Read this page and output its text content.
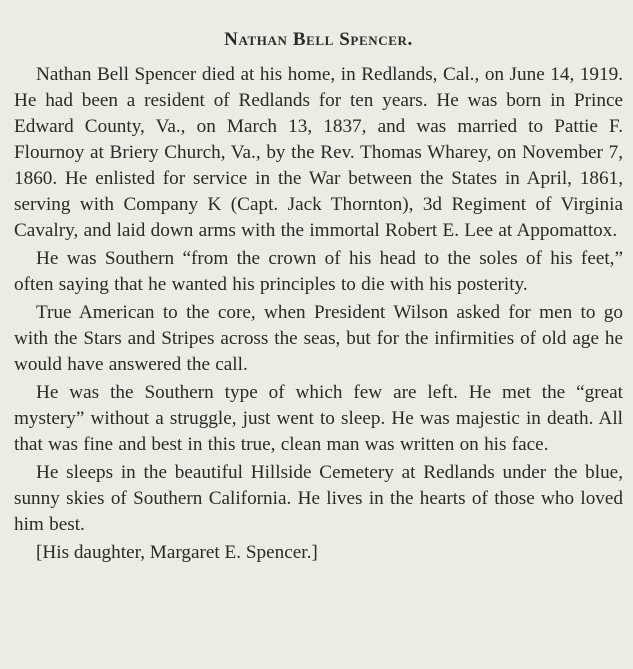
Nathan Bell Spencer.

Nathan Bell Spencer died at his home, in Redlands, Cal., on June 14, 1919. He had been a resident of Redlands for ten years. He was born in Prince Edward County, Va., on March 13, 1837, and was married to Pattie F. Flournoy at Briery Church, Va., by the Rev. Thomas Wharey, on November 7, 1860. He enlisted for service in the War between the States in April, 1861, serving with Company K (Capt. Jack Thornton), 3d Regiment of Virginia Cavalry, and laid down arms with the immortal Robert E. Lee at Appomattox.

He was Southern “from the crown of his head to the soles of his feet,” often saying that he wanted his principles to die with his posterity.

True American to the core, when President Wilson asked for men to go with the Stars and Stripes across the seas, but for the infirmities of old age he would have answered the call.

He was the Southern type of which few are left. He met the “great mystery” without a struggle, just went to sleep. He was majestic in death. All that was fine and best in this true, clean man was written on his face.

He sleeps in the beautiful Hillside Cemetery at Redlands under the blue, sunny skies of Southern California. He lives in the hearts of those who loved him best.

[His daughter, Margaret E. Spencer.]
